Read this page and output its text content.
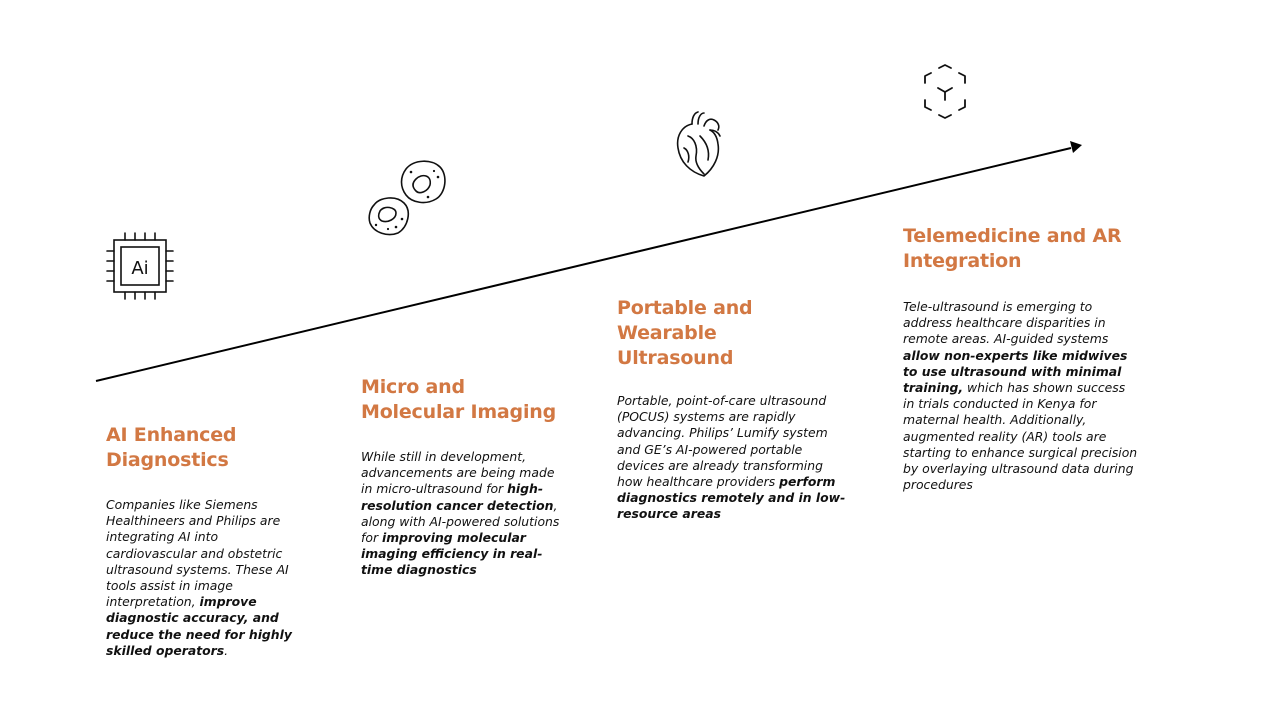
Ai
AI Enhanced
Diagnostics

Companies like Siemens Healthineers and Philips are integrating AI into cardiovascular and obstetric ultrasound systems. These AI tools assist in image interpretation, improve diagnostic accuracy, and reduce the need for highly skilled operators.

Micro and
Molecular Imaging

While still in development, advancements are being made in micro-ultrasound for high-resolution cancer detection, along with AI-powered solutions for improving molecular imaging efficiency in real-time diagnostics

Portable and Wearable
Ultrasound

Portable, point-of-care ultrasound (POCUS) systems are rapidly advancing. Philips’ Lumify system and GE’s AI-powered portable devices are already transforming how healthcare providers perform diagnostics remotely and in low-resource areas

Telemedicine and AR
Integration

Tele-ultrasound is emerging to address healthcare disparities in remote areas. AI-guided systems allow non-experts like midwives to use ultrasound with minimal training, which has shown success in trials conducted in Kenya for maternal health. Additionally, augmented reality (AR) tools are starting to enhance surgical precision by overlaying ultrasound data during procedures
